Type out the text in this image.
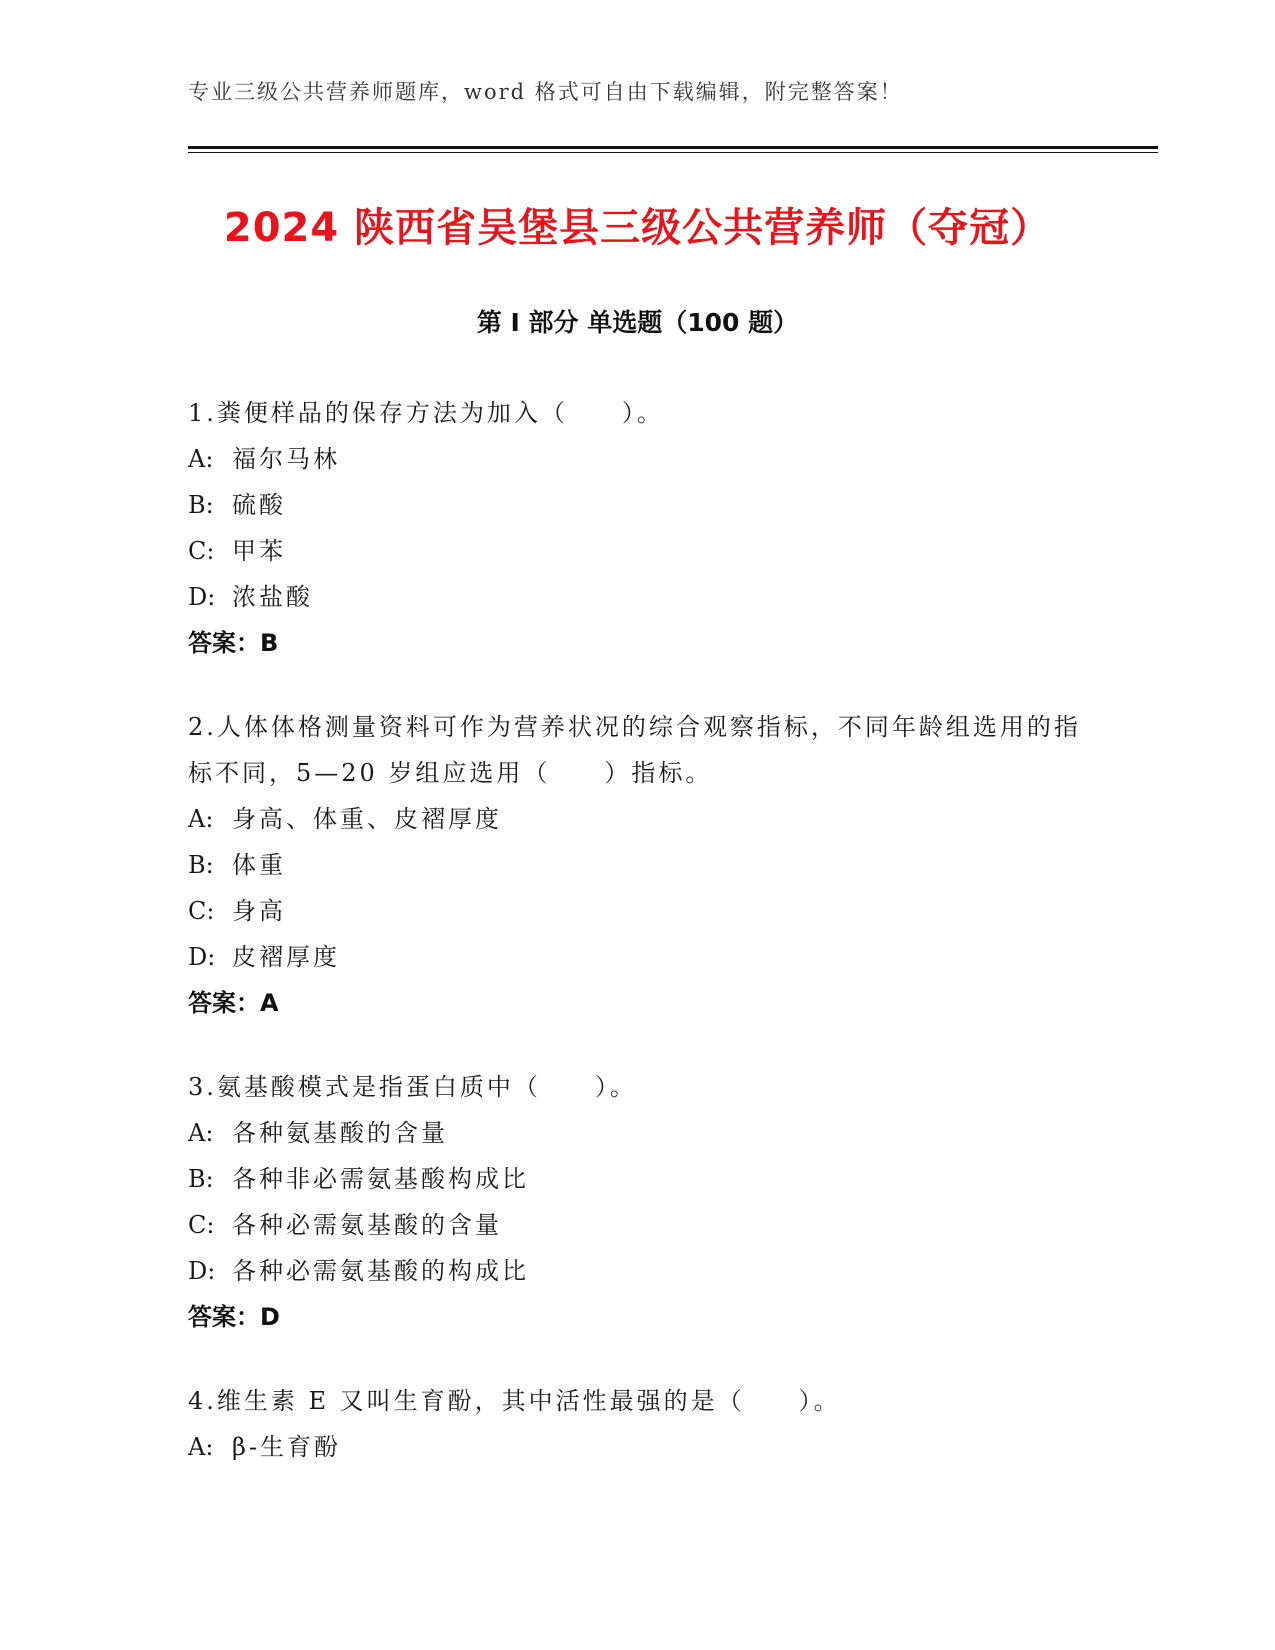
专业三级公共营养师题库，word 格式可自由下载编辑，附完整答案！
2024 陕西省吴堡县三级公共营养师（夺冠）
第 I 部分 单选题（100 题）
1.粪便样品的保存方法为加入（　　）。
A: 福尔马林
B: 硫酸
C: 甲苯
D: 浓盐酸
答案：B
2.人体体格测量资料可作为营养状况的综合观察指标，不同年龄组选用的指标不同，5—20 岁组应选用（　　）指标。
A: 身高、体重、皮褶厚度
B: 体重
C: 身高
D: 皮褶厚度
答案：A
3.氨基酸模式是指蛋白质中（　　）。
A: 各种氨基酸的含量
B: 各种非必需氨基酸构成比
C: 各种必需氨基酸的含量
D: 各种必需氨基酸的构成比
答案：D
4.维生素 E 又叫生育酚，其中活性最强的是（　　）。
A: β-生育酚
